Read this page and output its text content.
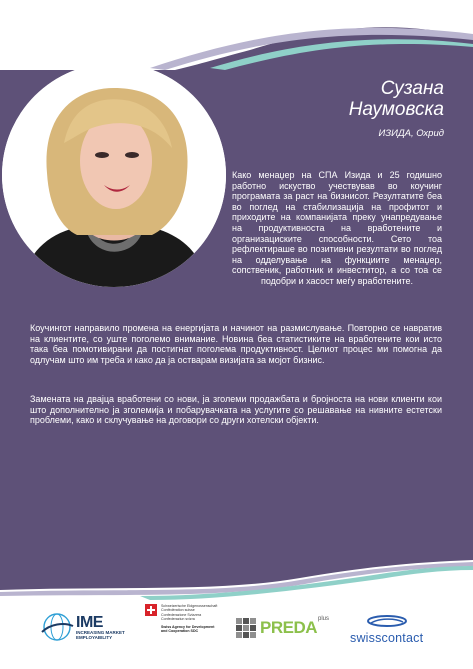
Сузана
Наумовска
ИЗИДА, Охрид
Како менаџер на СПА Изида и 25 годишно работно искуство учествував во коучинг програмата за раст на бизнисот. Резултатите беа во поглед на стабилизација на профитот и приходите на компанијата преку унапредување на продуктивноста на вработените и организациските способности. Сето тоа рефлектираше во позитивни резултати во поглед на одделување на функциите менаџер, сопственик, работник и инвеститор, а со тоа се подобри и хасост меѓу вработените.
Коучингот направило промена на енергијата и начинот на размислување. Повторно се навратив на клиентите, со уште поголемо внимание. Новина беа статистиките на вработените кои исто така беа помотивирани да постигнат поголема продуктивност. Целиот процес ми помогна да одлучам што им треба и како да ја остварам визијата за мојот бизнис.
Замената на двајца вработени со нови, ја зголеми продажбата и бројноста на нови клиенти кои што дополнително ја зголемија и побарувачката на услугите со решавање на нивните естетски проблеми, како и склучување на договори со други хотелски објекти.
IME
INCREASING MARKET
EMPLOYABILITY
Schweizerische Eidgenossenschaft
Confédération suisse
Confederazione Svizzera
Confederaziun svizra
Swiss Agency for Development
and Cooperation SDC	PREDA plus
swisscontact
